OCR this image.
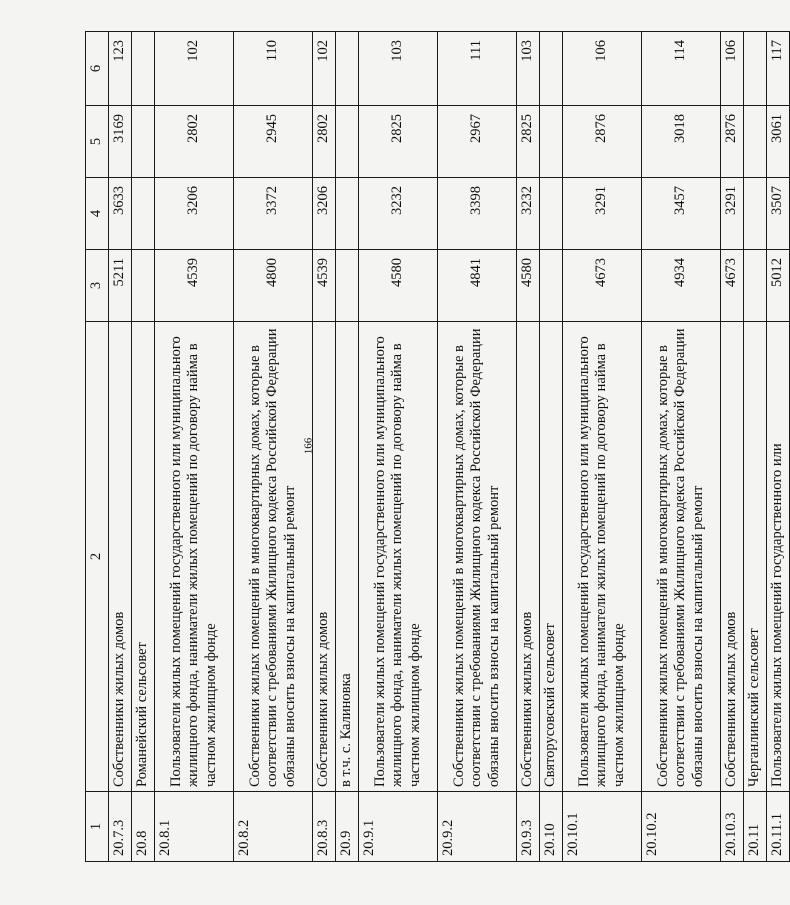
166
1	2	3	4	5	6
20.7.3	Собственники жилых домов	5211	3633	3169	123
20.8	Романейский сельсовет				
20.8.1	Пользователи жилых помещений государственного или муниципального жилищного фонда, наниматели жилых помещений по договору найма в частном жилищном фонде	4539	3206	2802	102
20.8.2	Собственники жилых помещений в многоквартирных домах, которые в соответствии с требованиями Жилищного кодекса Российской Федерации обязаны вносить взносы на капитальный ремонт	4800	3372	2945	110
20.8.3	Собственники жилых домов	4539	3206	2802	102
20.9	в т.ч. с. Калиновка				
20.9.1	Пользователи жилых помещений государственного или муниципального жилищного фонда, наниматели жилых помещений по договору найма в частном жилищном фонде	4580	3232	2825	103
20.9.2	Собственники жилых помещений в многоквартирных домах, которые в соответствии с требованиями Жилищного кодекса Российской Федерации обязаны вносить взносы на капитальный ремонт	4841	3398	2967	111
20.9.3	Собственники жилых домов	4580	3232	2825	103
20.10	Святорусовский сельсовет				
20.10.1	Пользователи жилых помещений государственного или муниципального жилищного фонда, наниматели жилых помещений по договору найма в частном жилищном фонде	4673	3291	2876	106
20.10.2	Собственники жилых помещений в многоквартирных домах, которые в соответствии с требованиями Жилищного кодекса Российской Федерации обязаны вносить взносы на капитальный ремонт	4934	3457	3018	114
20.10.3	Собственники жилых домов	4673	3291	2876	106
20.11	Черганлинский сельсовет				
20.11.1	Пользователи жилых помещений государственного или	5012	3507	3061	117
